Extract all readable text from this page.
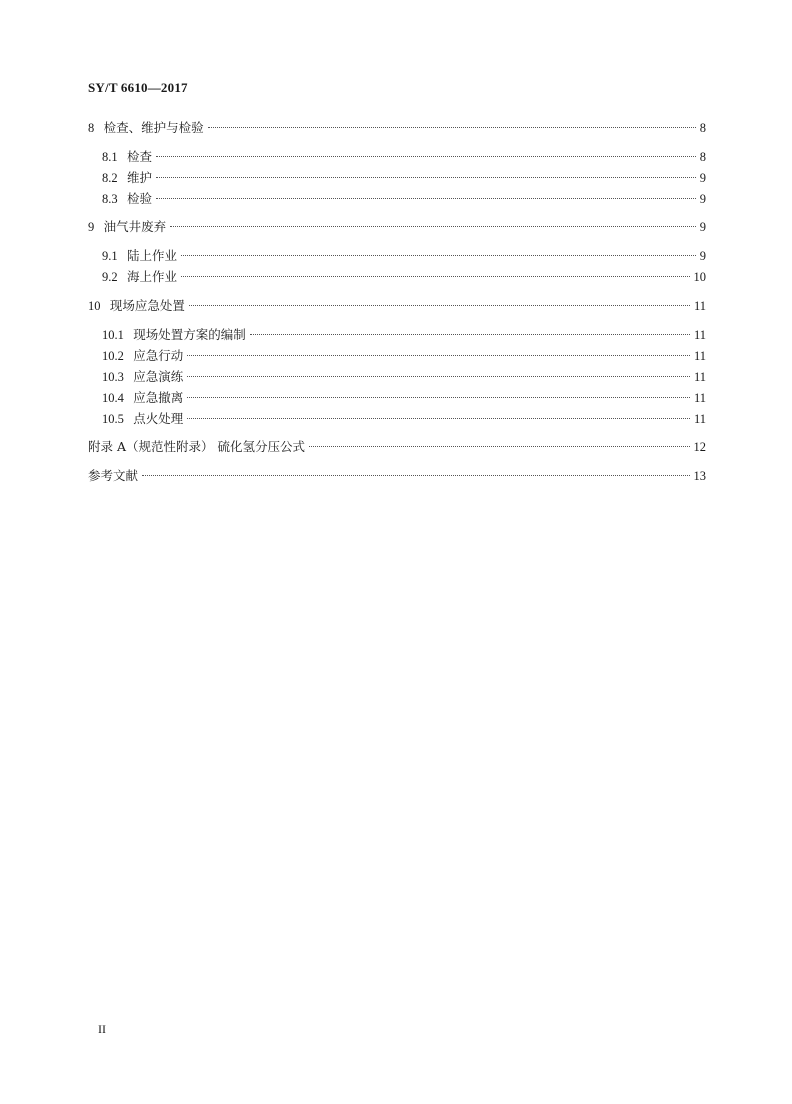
SY/T 6610—2017
8 检查、维护与检验	8
8.1 检查	8
8.2 维护	9
8.3 检验	9
9 油气井废弃	9
9.1 陆上作业	9
9.2 海上作业	10
10 现场应急处置	11
10.1 现场处置方案的编制	11
10.2 应急行动	11
10.3 应急演练	11
10.4 应急撤离	11
10.5 点火处理	11
附录 A（规范性附录） 硫化氢分压公式	12
参考文献	13
II
